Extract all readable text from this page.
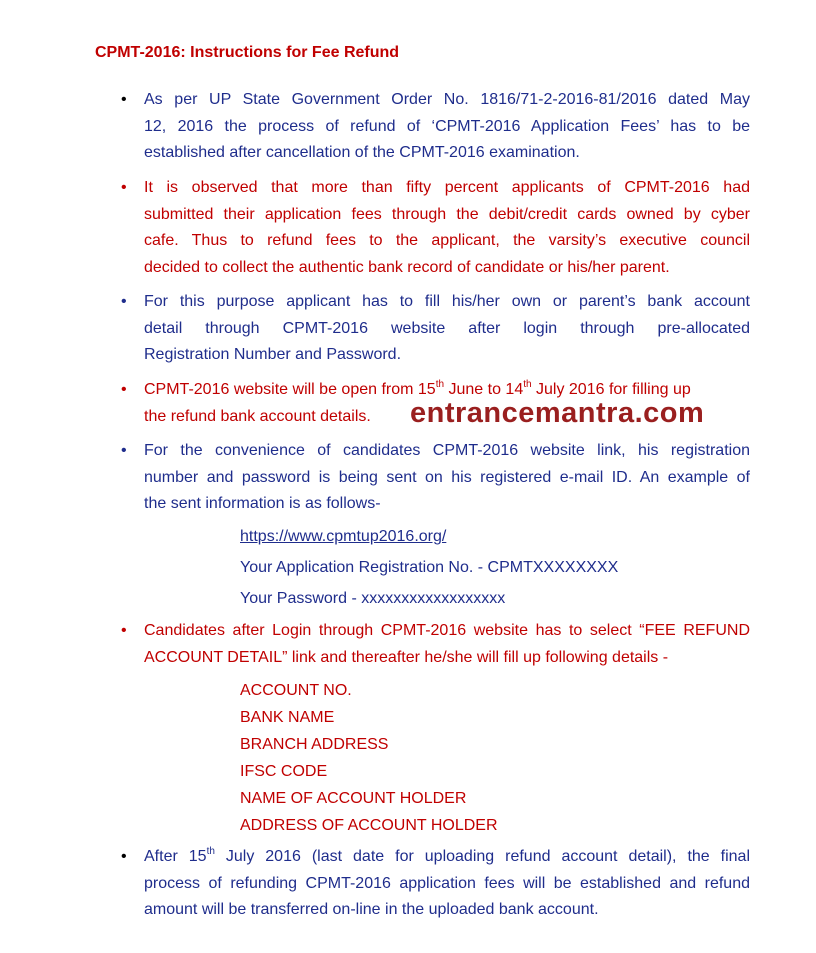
CPMT-2016: Instructions for Fee Refund
•	As per UP State Government Order No. 1816/71-2-2016-81/2016 dated May
12, 2016 the process of refund of ‘CPMT-2016 Application Fees’ has to be
established after cancellation of the CPMT-2016 examination.
•	It is observed that more than fifty percent applicants of CPMT-2016 had
submitted their application fees through the debit/credit cards owned by cyber
cafe. Thus to refund fees to the applicant, the varsity’s executive council
decided to collect the authentic bank record of candidate or his/her parent.
•	For this purpose applicant has to fill his/her own or parent’s bank account
detail through CPMT-2016 website after login through pre-allocated
Registration Number and Password.
•	CPMT-2016 website will be open from 15th June to 14th July 2016 for filling up
the refund bank account details.	entrancemantra.com
•	For the convenience of candidates CPMT-2016 website link, his registration
number and password is being sent on his registered e-mail ID. An example of
the sent information is as follows-
https://www.cpmtup2016.org/
Your Application Registration No. - CPMTXXXXXXXX
Your Password - xxxxxxxxxxxxxxxxxx
•	Candidates after Login through CPMT-2016 website has to select “FEE REFUND
ACCOUNT DETAIL” link and thereafter he/she will fill up following details -
ACCOUNT NO.
BANK NAME
BRANCH ADDRESS
IFSC CODE
NAME OF ACCOUNT HOLDER
ADDRESS OF ACCOUNT HOLDER
•	After 15th July 2016 (last date for uploading refund account detail), the final
process of refunding CPMT-2016 application fees will be established and refund
amount will be transferred on-line in the uploaded bank account.
